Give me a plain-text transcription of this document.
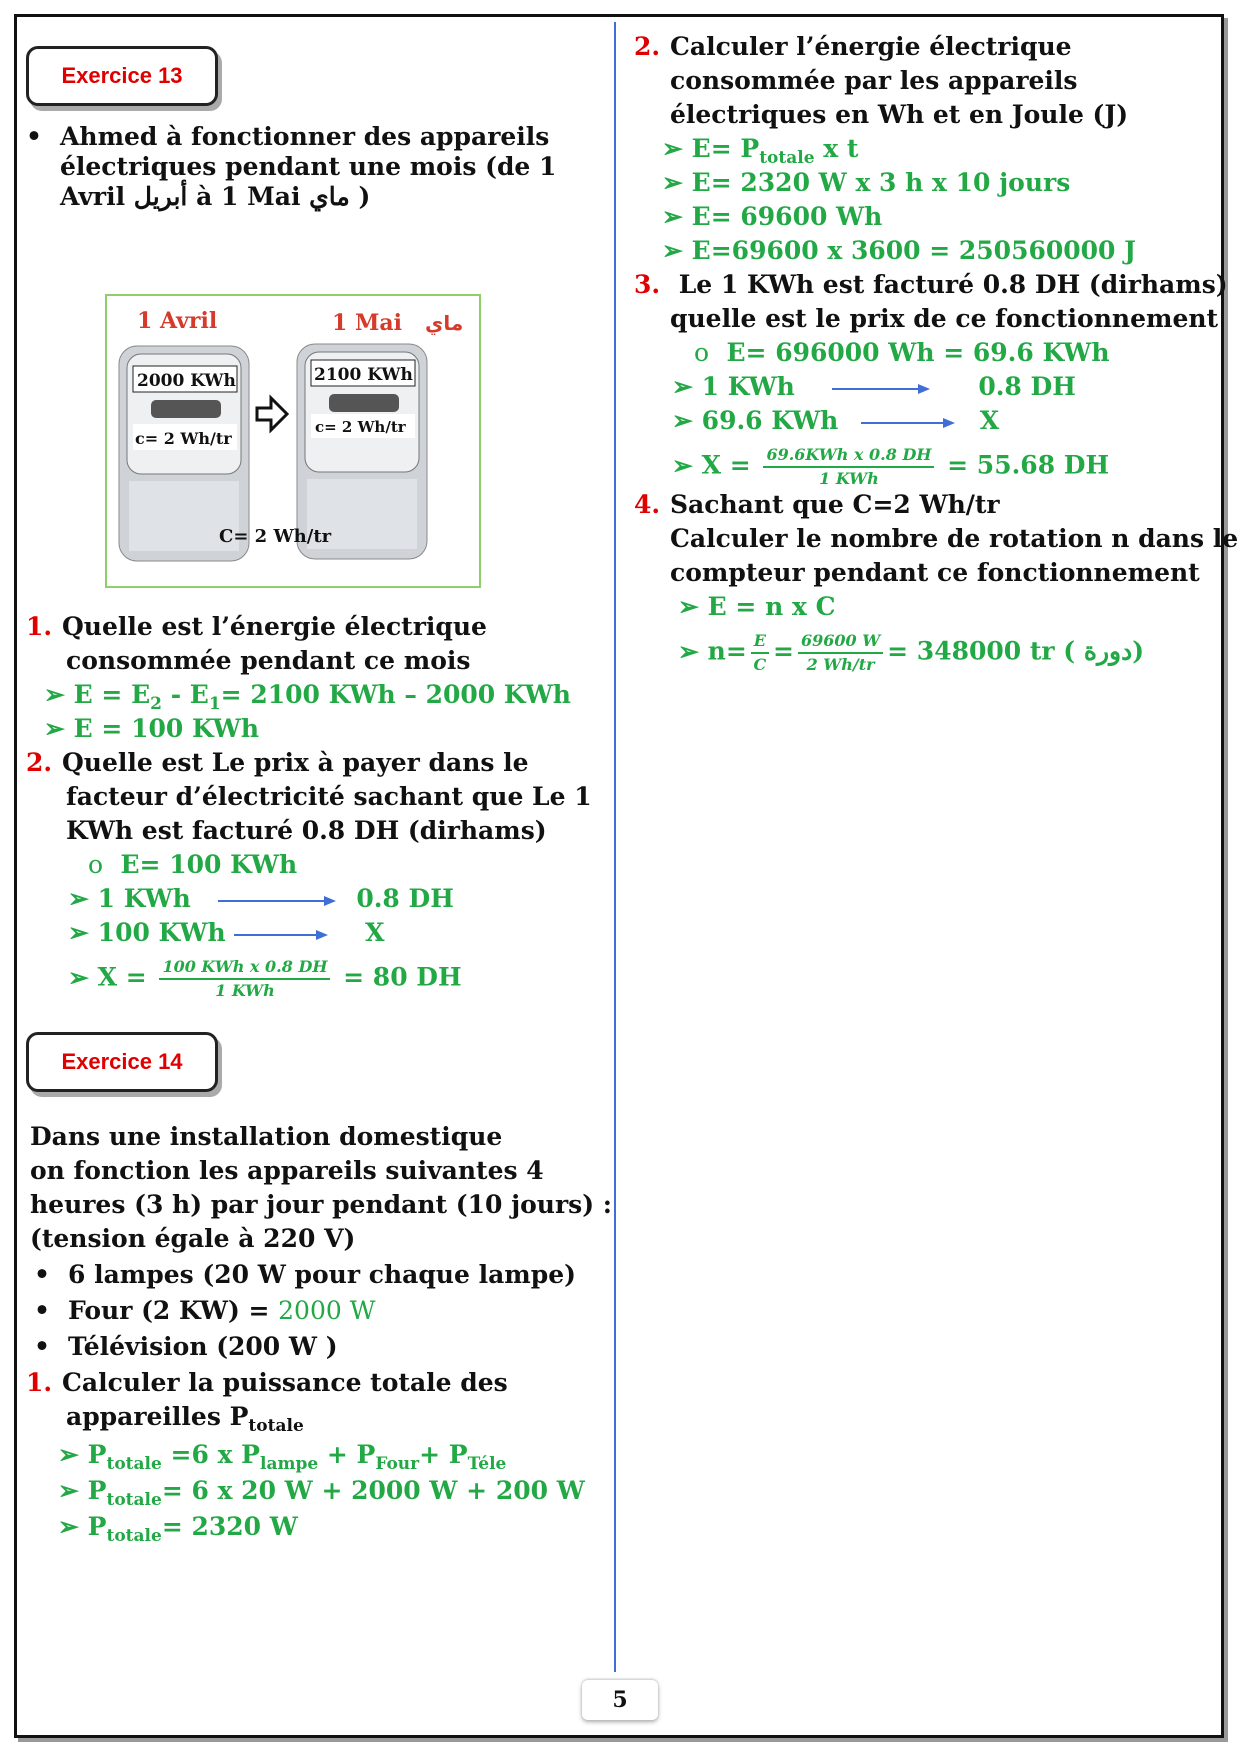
Exercice 13
• Ahmed à fonctionner des appareils
électriques pendant une mois (de 1
Avril أبريل à 1 Mai ماي )
1 Avril	1 Mai ماي
2000 KWh
c= 2 Wh/tr
2100 KWh
c= 2 Wh/tr
C= 2 Wh/tr
1. Quelle est l’énergie électrique
consommée pendant ce mois
➢ $E = E_2 - E_1= 2100$ KWh – 2000 KWh
➢ E = 100 KWh
2. Quelle est Le prix à payer dans le
facteur d’électricité sachant que Le 1
KWh est facturé 0.8 DH (dirhams)
o E= 100 KWh
➢ 1 KWh	0.8 DH
➢ 100 KWh	X
➢ $X = \frac{\text{100 KWh x 0.8 DH}}{\text{1 KWh}} = 80$ DH
Exercice 14
Dans une installation domestique
on fonction les appareils suivantes 4
heures (3 h) par jour pendant (10 jours) :
(tension égale à 220 V)
• 6 lampes (20 W pour chaque lampe)
• Four (2 KW) = 2000 W
• Télévision (200 W )
1. Calculer la puissance totale des
appareilles $P_{totale}$
➢ $P_{totale} =6$ x $P_{lampe} + P_{Four}+ P_{Téle}$
➢ $P_{totale}= 6$ x 20 W + 2000 W + 200 W
➢ $P_{totale}= 2320$ W
2. Calculer l’énergie électrique
consommée par les appareils
électriques en Wh et en Joule (J)
➢ $E= P_{totale}$ x t
➢ E= 2320 W x 3 h x 10 jours
➢ E= 69600 Wh
➢ E=69600 x 3600 = 250560000 J
3. Le 1 KWh est facturé 0.8 DH (dirhams)
quelle est le prix de ce fonctionnement
o E= 696000 Wh = 69.6 KWh
➢ 1 KWh	0.8 DH
➢ 69.6 KWh	X
➢ $X = \frac{\text{69.6KWh x 0.8 DH}}{\text{1 KWh}} = 55.68$ DH
4. Sachant que C=2 Wh/tr
Calculer le nombre de rotation n dans le
compteur pendant ce fonctionnement
➢ E = n x C
➢ $n= \frac{E}{C} = \frac{69600 W}{2 Wh/tr} = 348000$ tr ( دورة)
5
